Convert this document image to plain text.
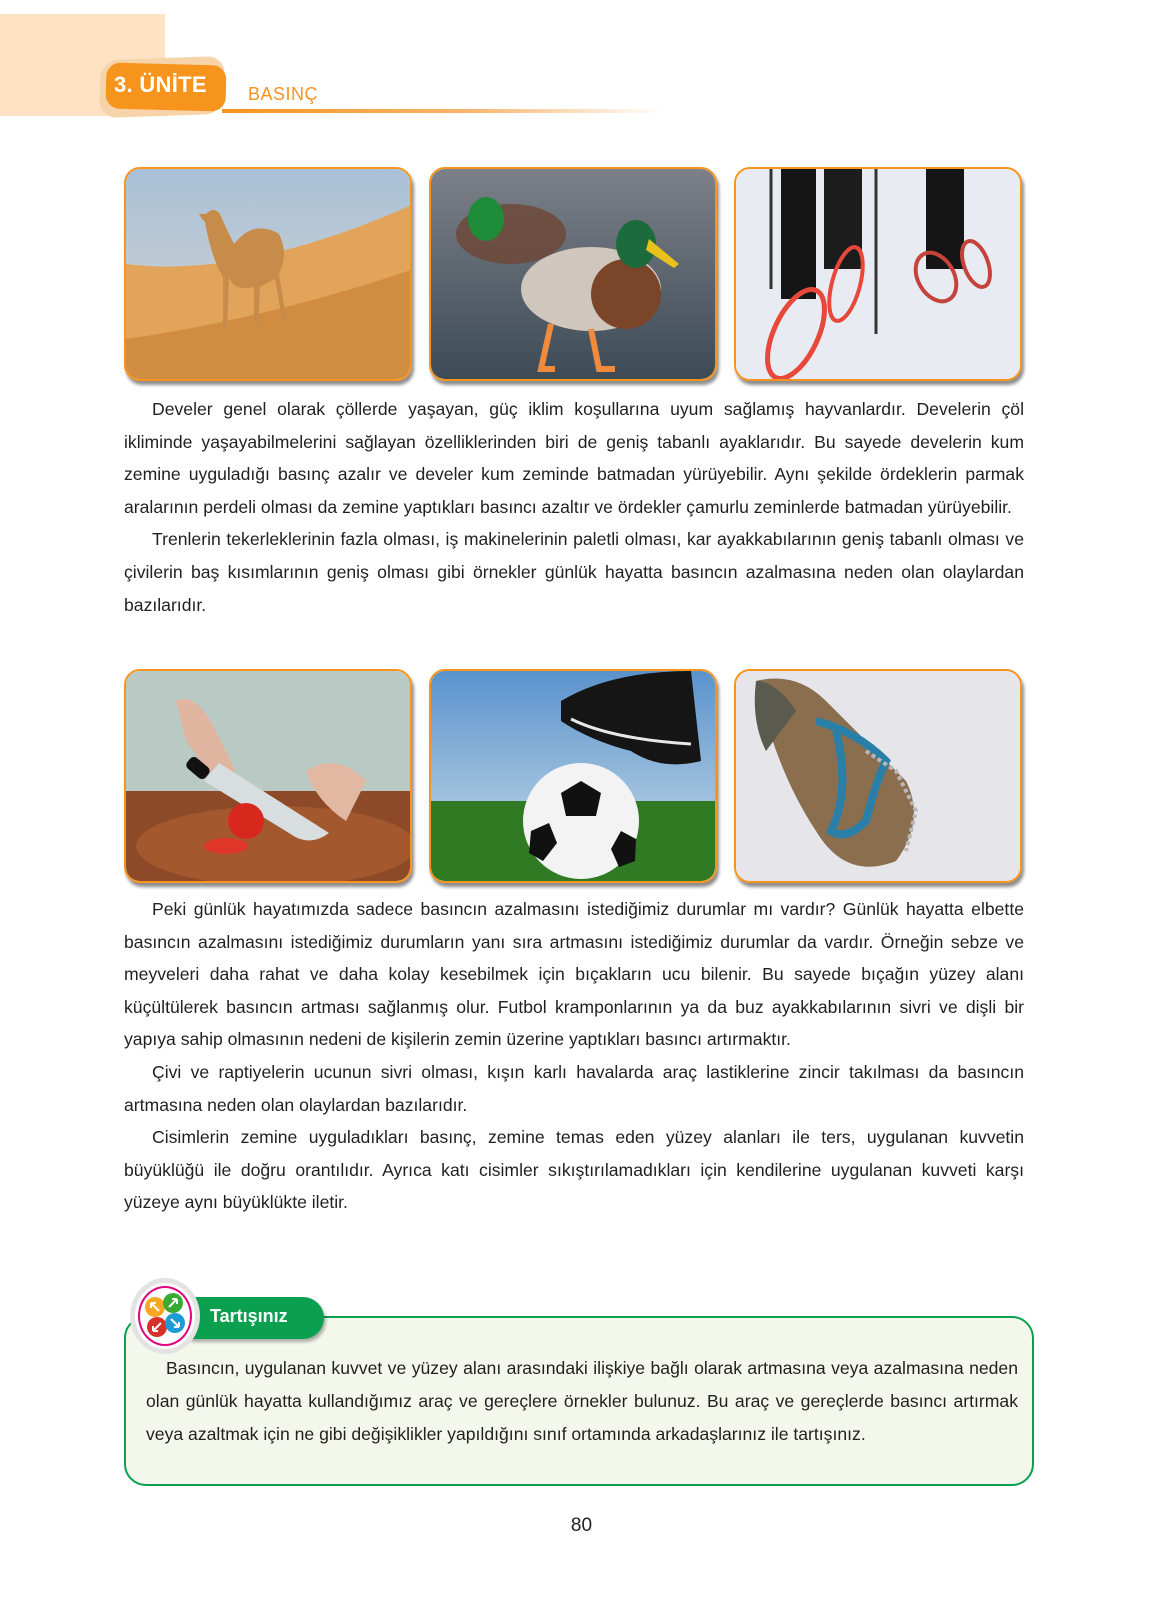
3. ÜNİTE BASINÇ

Develer genel olarak çöllerde yaşayan, güç iklim koşullarına uyum sağlamış hayvanlardır. Develerin çöl ikliminde yaşayabilmelerini sağlayan özelliklerinden biri de geniş tabanlı ayaklarıdır. Bu sayede develerin kum zemine uyguladığı basınç azalır ve develer kum zeminde batmadan yürüyebilir. Aynı şekilde ördeklerin parmak aralarının perdeli olması da zemine yaptıkları basıncı azaltır ve ördekler çamurlu zeminlerde batmadan yürüyebilir.

Trenlerin tekerleklerinin fazla olması, iş makinelerinin paletli olması, kar ayakkabılarının geniş tabanlı olması ve çivilerin baş kısımlarının geniş olması gibi örnekler günlük hayatta basıncın azalmasına neden olan olaylardan bazılarıdır.

Peki günlük hayatımızda sadece basıncın azalmasını istediğimiz durumlar mı vardır? Günlük hayatta elbette basıncın azalmasını istediğimiz durumların yanı sıra artmasını istediğimiz durumlar da vardır. Örneğin sebze ve meyveleri daha rahat ve daha kolay kesebilmek için bıçakların ucu bilenir. Bu sayede bıçağın yüzey alanı küçültülerek basıncın artması sağlanmış olur. Futbol kramponlarının ya da buz ayakkabılarının sivri ve dişli bir yapıya sahip olmasının nedeni de kişilerin zemin üzerine yaptıkları basıncı artırmaktır.

Çivi ve raptiyelerin ucunun sivri olması, kışın karlı havalarda araç lastiklerine zincir takılması da basıncın artmasına neden olan olaylardan bazılarıdır.

Cisimlerin zemine uyguladıkları basınç, zemine temas eden yüzey alanları ile ters, uygulanan kuvvetin büyüklüğü ile doğru orantılıdır. Ayrıca katı cisimler sıkıştırılamadıkları için kendilerine uygulanan kuvveti karşı yüzeye aynı büyüklükte iletir.

Tartışınız

Basıncın, uygulanan kuvvet ve yüzey alanı arasındaki ilişkiye bağlı olarak artmasına veya azalmasına neden olan günlük hayatta kullandığımız araç ve gereçlere örnekler bulunuz. Bu araç ve gereçlerde basıncı artırmak veya azaltmak için ne gibi değişiklikler yapıldığını sınıf ortamında arkadaşlarınız ile tartışınız.

80
